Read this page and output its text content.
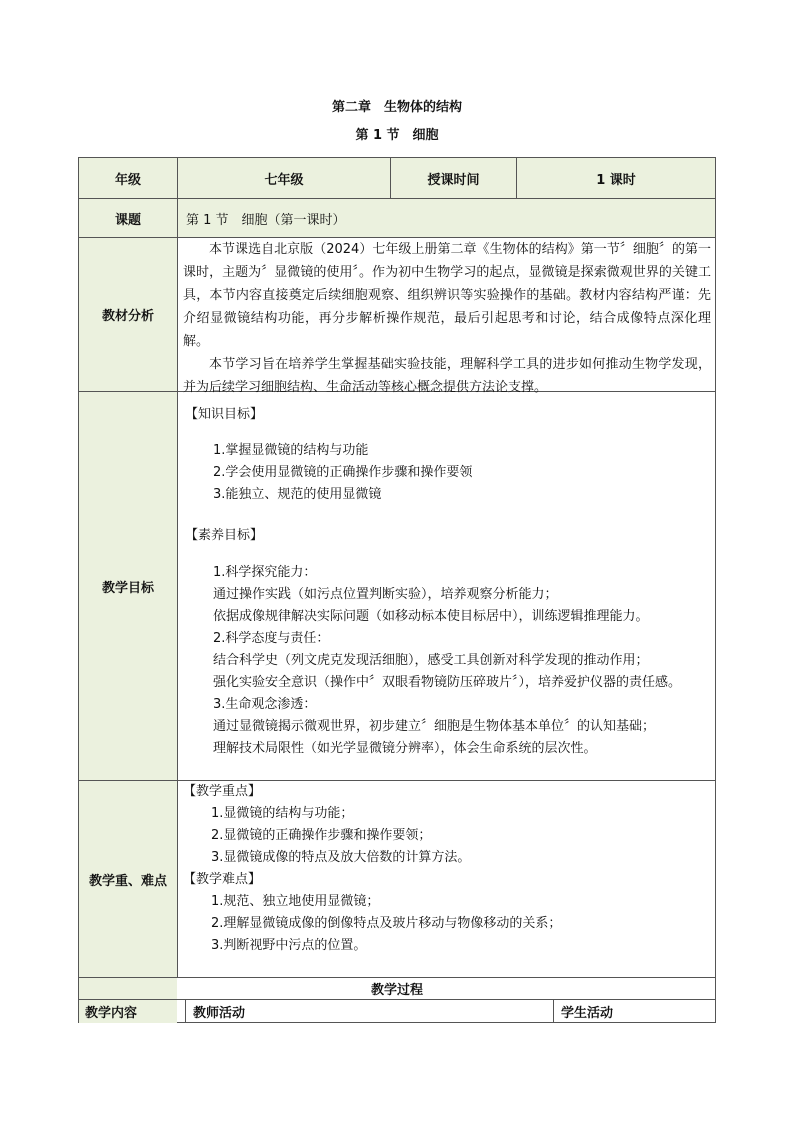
第二章　生物体的结构
第 1 节　细胞
年级	七年级	授课时间	1 课时
课题	第 1 节　细胞（第一课时）
教材分析

本节课选自北京版（2024）七年级上册第二章《生物体的结构》第一节〞细胞〞的第一课时，主题为〞显微镜的使用〞。作为初中生物学习的起点，显微镜是探索微观世界的关键工具，本节内容直接奠定后续细胞观察、组织辨识等实验操作的基础。教材内容结构严谨：先介绍显微镜结构功能，再分步解析操作规范，最后引起思考和讨论，结合成像特点深化理解。

本节学习旨在培养学生掌握基础实验技能，理解科学工具的进步如何推动生物学发现，并为后续学习细胞结构、生命活动等核心概念提供方法论支撑。

教学目标
【知识目标】
1.掌握显微镜的结构与功能
2.学会使用显微镜的正确操作步骤和操作要领
3.能独立、规范的使用显微镜
【素养目标】
1.科学探究能力：
通过操作实践（如污点位置判断实验），培养观察分析能力；
依据成像规律解决实际问题（如移动标本使目标居中），训练逻辑推理能力。
2.科学态度与责任：
结合科学史（列文虎克发现活细胞），感受工具创新对科学发现的推动作用；
强化实验安全意识（操作中〞双眼看物镜防压碎玻片〞），培养爱护仪器的责任感。
3.生命观念渗透：
通过显微镜揭示微观世界，初步建立〞细胞是生物体基本单位〞的认知基础；
理解技术局限性（如光学显微镜分辨率），体会生命系统的层次性。
教学重、难点
【教学重点】
1.显微镜的结构与功能；
2.显微镜的正确操作步骤和操作要领；
3.显微镜成像的特点及放大倍数的计算方法。
【教学难点】
1.规范、独立地使用显微镜；
2.理解显微镜成像的倒像特点及玻片移动与物像移动的关系；
3.判断视野中污点的位置。
教学过程
教学内容	教师活动	学生活动
